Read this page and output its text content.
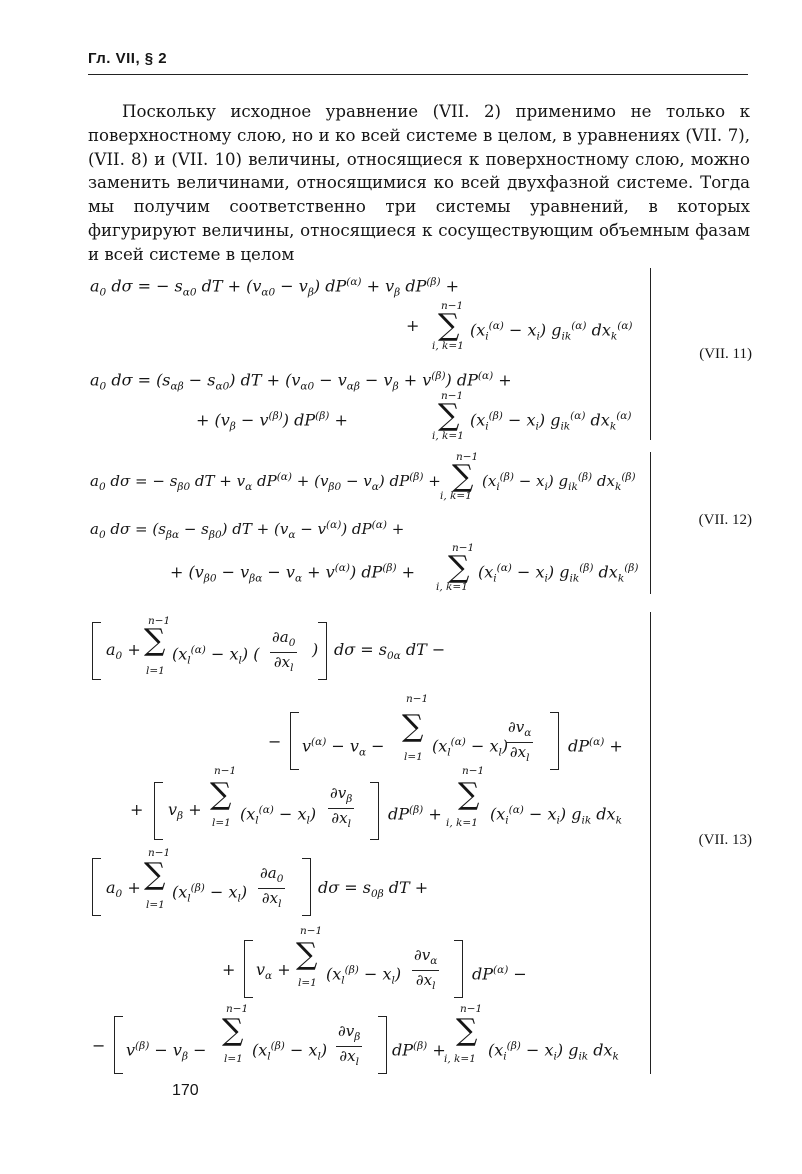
Гл. VII, § 2

Поскольку исходное уравнение (VII. 2) применимо не только к поверхностному слою, но и ко всей системе в целом, в уравнениях (VII. 7), (VII. 8) и (VII. 10) величины, относящиеся к поверхностному слою, можно заменить величинами, относящимися ко всей двухфазной системе. Тогда мы получим соответственно три системы уравнений, в которых фигурируют величины, относящиеся к сосуществующим объемным фазам и всей системе в целом

(VII. 11)
$a_0$ dσ = − $s_{\alpha 0}$ dT + $(v_{\alpha 0} - v_\beta) dP^{(\alpha)} + v_\beta$ $dP^{(\beta)}$ +
n−1
∑
i, k=1
+	$(x_i^{(\alpha)} - x_i)$ $g_{ik}^{(\alpha)}$ $dx_k^{(\alpha)}$
$a_0$ $d\sigma = (s_{\alpha\beta} - s_{\alpha 0})$ dT + $(v_{\alpha 0} - v_{\alpha\beta} - v_\beta + v^{(\beta)}) dP^{(\alpha)}$ +
n−1
∑
i, k=1
+ $(v_\beta - v^{(\beta)}) dP^{(\beta)}$ +	$(x_i^{(\beta)} - x_i)$ $g_{ik}^{(\alpha)}$ $dx_k^{(\alpha)}$
(VII. 12)
n−1
∑
i, k=1
$a_0$ dσ = − $s_{\beta 0}$ dT + $v_\alpha$ $dP^{(\alpha)} + (v_{\beta 0} - v_\alpha) dP^{(\beta)}$ +	$(x_i^{(\beta)} - x_i)$ $g_{ik}^{(\beta)}$ $dx_k^{(\beta)}$
$a_0$ $d\sigma = (s_{\beta\alpha} - s_{\beta 0})$ dT + $(v_\alpha - v^{(\alpha)}) dP^{(\alpha)}$ +
n−1
∑
i, k=1
+ $(v_{\beta 0} - v_{\beta\alpha} - v_\alpha + v^{(\alpha)}) dP^{(\beta)}$ +	$(x_i^{(\alpha)} - x_i)$ $g_{ik}^{(\beta)}$ $dx_k^{(\beta)}$
(VII. 13)
$a_0$ +
n−1
∑
l=1
$(x_l^{(\alpha)} - x_l)$ ( $\frac{\partial a_0}{\partial x_l}$ ) $d\sigma = s_{0\alpha}$ dT −
− $v^{(\alpha)} - v_\alpha$ −
n−1
∑
l=1
$(x_l^{(\alpha)} - x_l)$
$\frac{\partial v_\alpha}{\partial x_l} dP^{(\alpha)}$ +
+ $v_\beta$ +
n−1
∑
l=1 $(x_l^{(\alpha)} - x_l) \frac{\partial v_\beta}{\partial x_l} dP^{(\beta)}$ +
n−1
∑
i, k=1 $(x_i^{(\alpha)} - x_i)$ $g_{ik}$ $dx_k$
$a_0$ +
n−1
∑
l=1
$(x_l^{(\beta)} - x_l) \frac{\partial a_0}{\partial x_l}$ $d\sigma = s_{0\beta}$ dT +
+ $v_\alpha$ +
n−1
∑
l=1 $(x_l^{(\beta)} - x_l) \frac{\partial v_\alpha}{\partial x_l} dP^{(\alpha)}$ −
− $v^{(\beta)} - v_\beta$ −
n−1
∑
l=1 $(x_l^{(\beta)} - x_l) \frac{\partial v_\beta}{\partial x_l} dP^{(\beta)}$ +
n−1
∑
i, k=1 $(x_i^{(\beta)} - x_i)$ $g_{ik}$ $dx_k$
170
